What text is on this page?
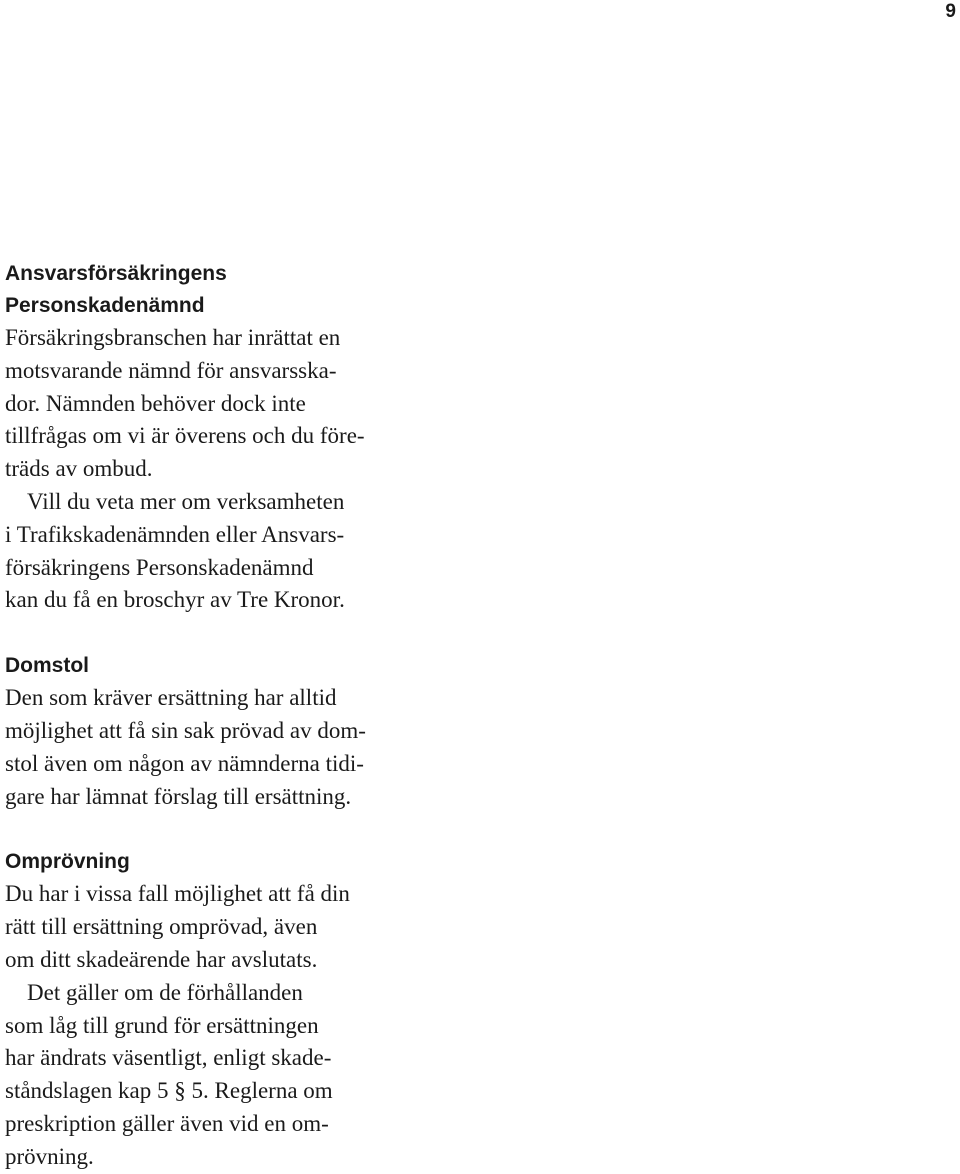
9
Ansvarsförsäkringens
Personskadenämnd

Försäkringsbranschen har inrättat en
motsvarande nämnd för ansvarsska-
dor. Nämnden behöver dock inte
tillfrågas om vi är överens och du före-
träds av ombud.

Vill du veta mer om verksamheten
i Trafikskadenämnden eller Ansvars-
försäkringens Personskadenämnd
kan du få en broschyr av Tre Kronor.

Domstol

Den som kräver ersättning har alltid
möjlighet att få sin sak prövad av dom-
stol även om någon av nämnderna tidi-
gare har lämnat förslag till ersättning.

Omprövning

Du har i vissa fall möjlighet att få din
rätt till ersättning omprövad, även
om ditt skadeärende har avslutats.

Det gäller om de förhållanden
som låg till grund för ersättningen
har ändrats väsentligt, enligt skade-
ståndslagen kap 5 § 5. Reglerna om
preskription gäller även vid en om-
prövning.
